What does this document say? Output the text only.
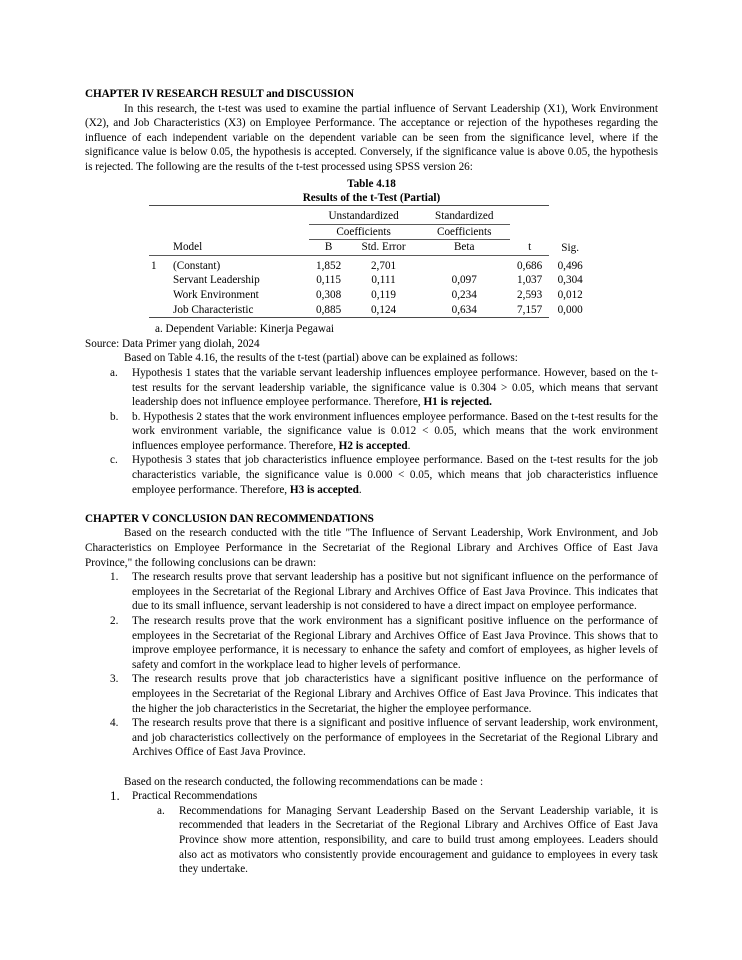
CHAPTER IV RESEARCH RESULT and DISCUSSION

In this research, the t-test was used to examine the partial influence of Servant Leadership (X1), Work Environment (X2), and Job Characteristics (X3) on Employee Performance. The acceptance or rejection of the hypotheses regarding the influence of each independent variable on the dependent variable can be seen from the significance level, where if the significance value is below 0.05, the hypothesis is accepted. Conversely, if the significance value is above 0.05, the hypothesis is rejected. The following are the results of the t-test processed using SPSS version 26:

Table 4.18
Results of the t-Test (Partial)

		Unstandardized		Standardized		
		Coefficients		Coefficients		
	Model	B	Std. Error	Beta	t	Sig.

1	(Constant)	1,852	2,701		0,686	0,496
	Servant Leadership	0,115	0,111	0,097	1,037	0,304
	Work Environment	0,308	0,119	0,234	2,593	0,012
	Job Characteristic	0,885	0,124	0,634	7,157	0,000

a. Dependent Variable: Kinerja Pegawai
Source: Data Primer yang diolah, 2024

Based on Table 4.16, the results of the t-test (partial) above can be explained as follows:

a.	Hypothesis 1 states that the variable servant leadership influences employee performance. However, based on the t-test results for the servant leadership variable, the significance value is 0.304 > 0.05, which means that servant leadership does not influence employee performance. Therefore, H1 is rejected.
b.	b. Hypothesis 2 states that the work environment influences employee performance. Based on the t-test results for the work environment variable, the significance value is 0.012 < 0.05, which means that the work environment influences employee performance. Therefore, H2 is accepted.
c.	Hypothesis 3 states that job characteristics influence employee performance. Based on the t-test results for the job characteristics variable, the significance value is 0.000 < 0.05, which means that job characteristics influence employee performance. Therefore, H3 is accepted.
CHAPTER V CONCLUSION DAN RECOMMENDATIONS

Based on the research conducted with the title "The Influence of Servant Leadership, Work Environment, and Job Characteristics on Employee Performance in the Secretariat of the Regional Library and Archives Office of East Java Province," the following conclusions can be drawn:

1.	The research results prove that servant leadership has a positive but not significant influence on the performance of employees in the Secretariat of the Regional Library and Archives Office of East Java Province. This indicates that due to its small influence, servant leadership is not considered to have a direct impact on employee performance.
2.	The research results prove that the work environment has a significant positive influence on the performance of employees in the Secretariat of the Regional Library and Archives Office of East Java Province. This shows that to improve employee performance, it is necessary to enhance the safety and comfort of employees, as higher levels of safety and comfort in the workplace lead to higher levels of performance.
3.	The research results prove that job characteristics have a significant positive influence on the performance of employees in the Secretariat of the Regional Library and Archives Office of East Java Province. This indicates that the higher the job characteristics in the Secretariat, the higher the employee performance.
4.	The research results prove that there is a significant and positive influence of servant leadership, work environment, and job characteristics collectively on the performance of employees in the Secretariat of the Regional Library and Archives Office of East Java Province.

Based on the research conducted, the following recommendations can be made :

1.	Practical Recommendations
a.	Recommendations for Managing Servant Leadership Based on the Servant Leadership variable, it is recommended that leaders in the Secretariat of the Regional Library and Archives Office of East Java Province show more attention, responsibility, and care to build trust among employees. Leaders should also act as motivators who consistently provide encouragement and guidance to employees in every task they undertake.
